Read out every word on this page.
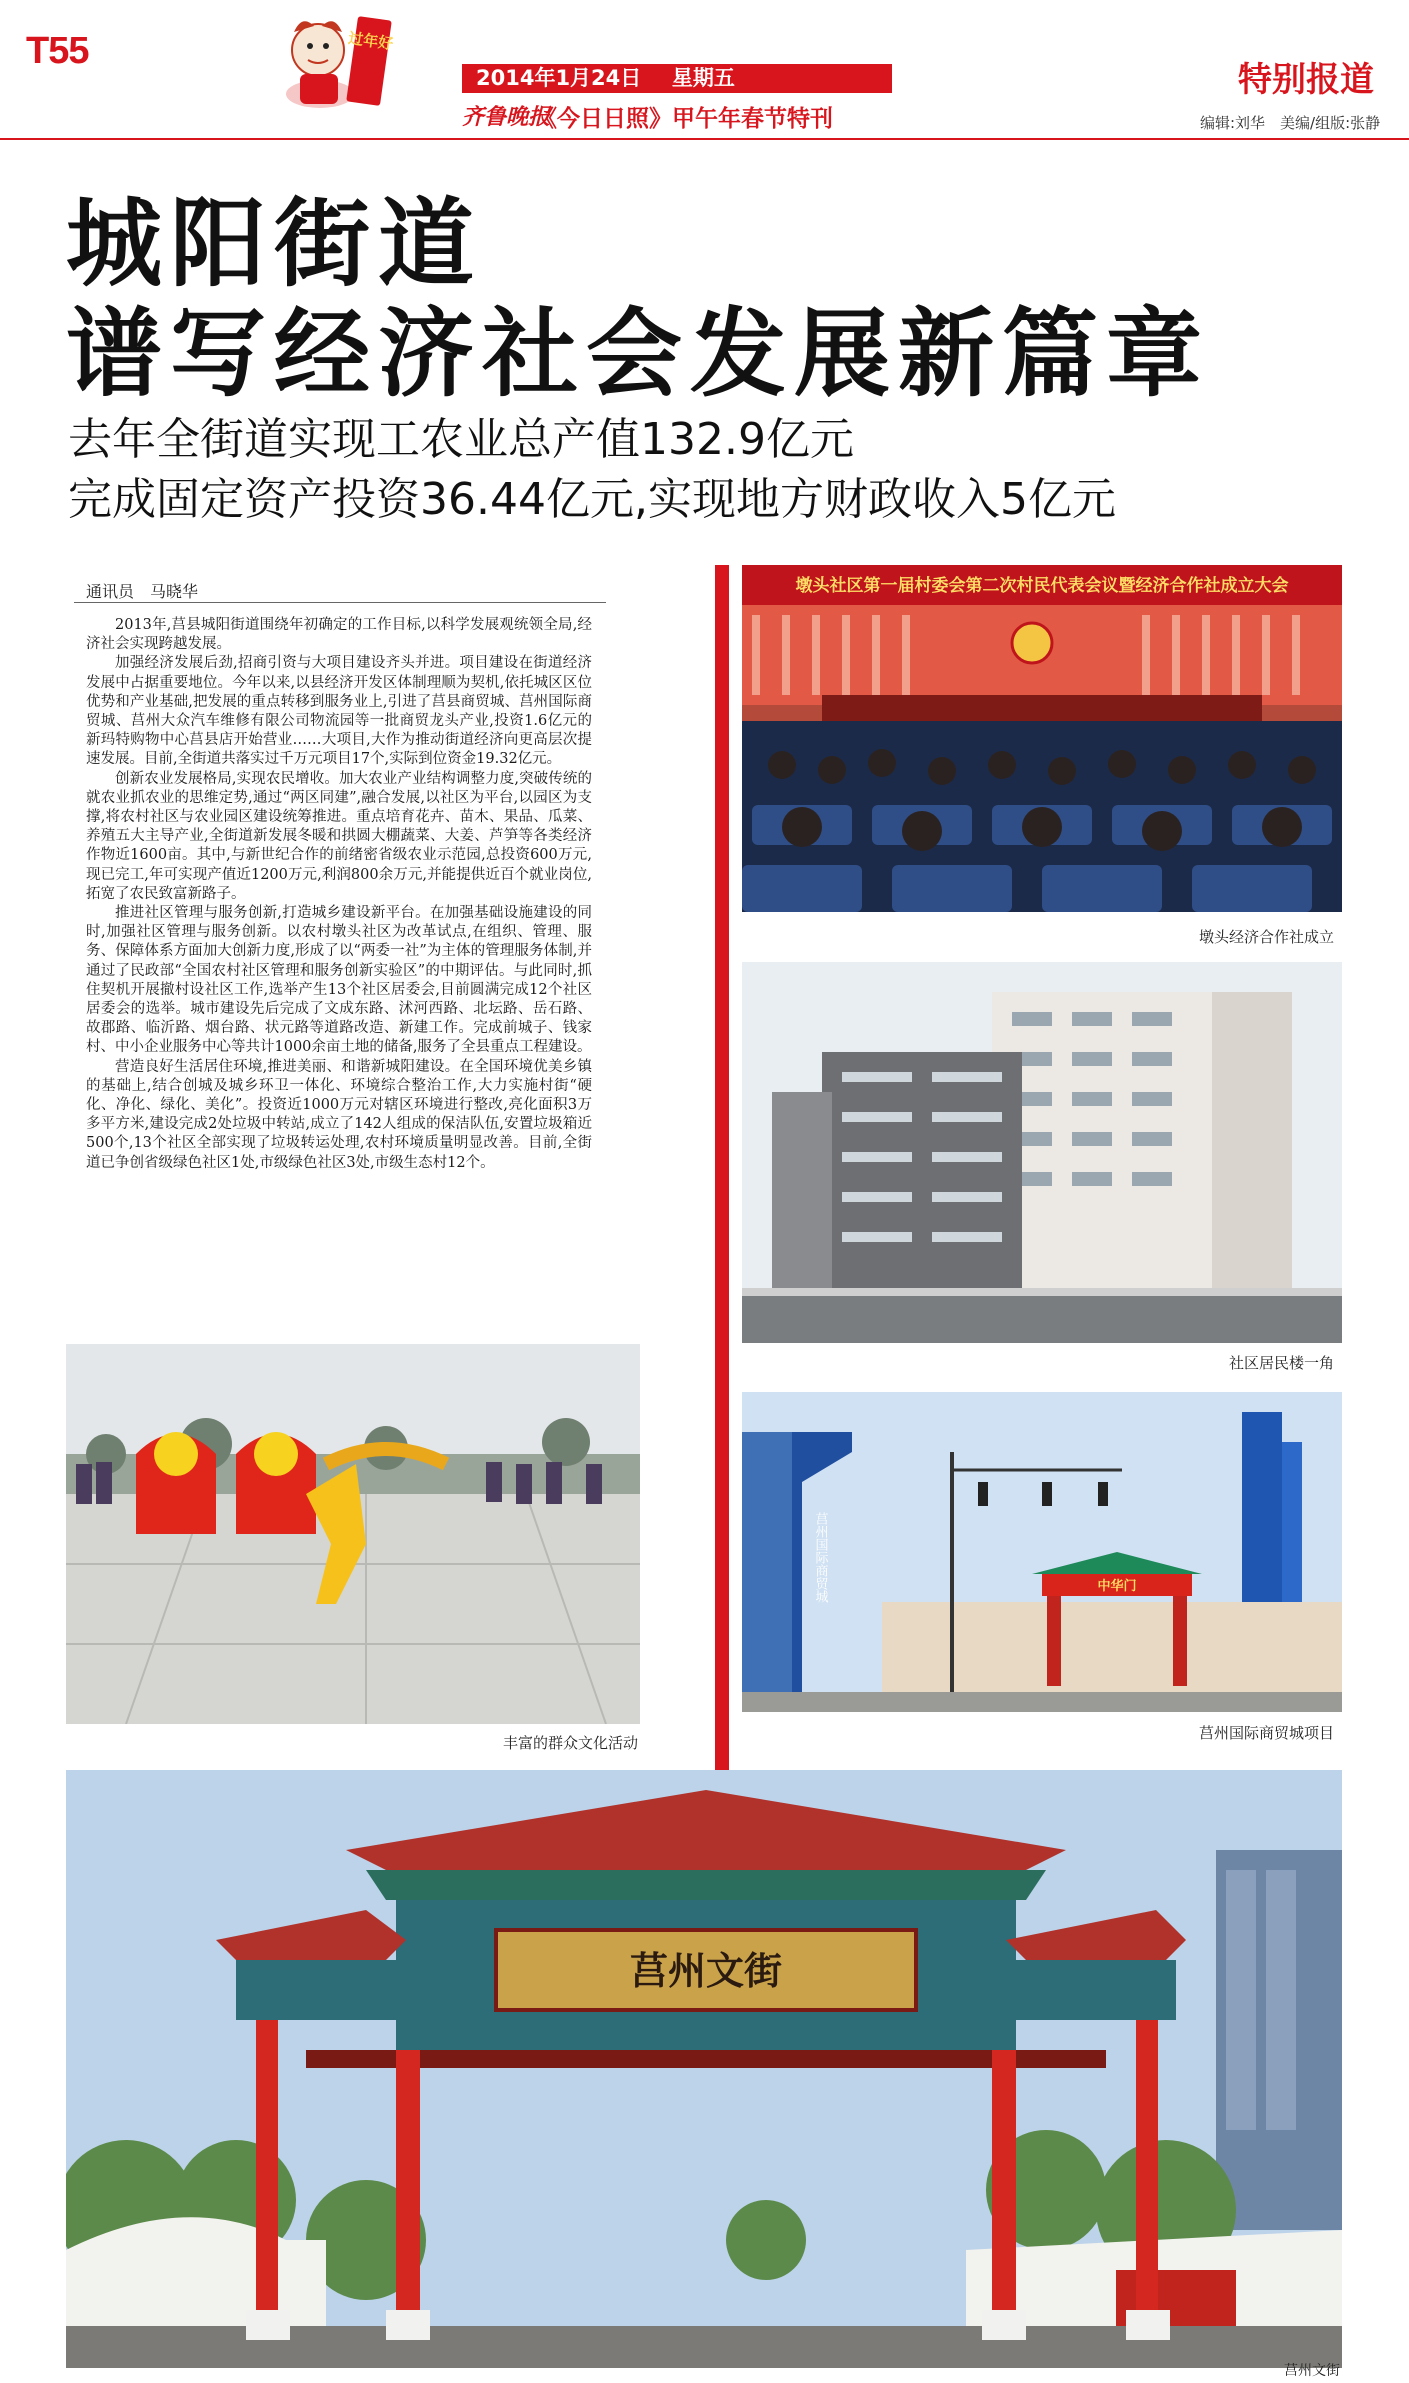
T55	过年好
2014年1月24日 星期五
齐鲁晚报
《今日日照》甲午年春节特刊
特别报道
编辑:刘华　美编/组版:张静
城阳街道
谱写经济社会发展新篇章
去年全街道实现工农业总产值132.9亿元
完成固定资产投资36.44亿元,实现地方财政收入5亿元
通讯员　马晓华

2013年,莒县城阳街道围绕年初确定的工作目标,以科学发展观统领全局,经济社会实现跨越发展。

加强经济发展后劲,招商引资与大项目建设齐头并进。项目建设在街道经济发展中占据重要地位。今年以来,以县经济开发区体制理顺为契机,依托城区区位优势和产业基础,把发展的重点转移到服务业上,引进了莒县商贸城、莒州国际商贸城、莒州大众汽车维修有限公司物流园等一批商贸龙头产业,投资1.6亿元的新玛特购物中心莒县店开始营业……大项目,大作为推动街道经济向更高层次提速发展。目前,全街道共落实过千万元项目17个,实际到位资金19.32亿元。

创新农业发展格局,实现农民增收。加大农业产业结构调整力度,突破传统的就农业抓农业的思维定势,通过“两区同建”,融合发展,以社区为平台,以园区为支撑,将农村社区与农业园区建设统筹推进。重点培育花卉、苗木、果品、瓜菜、养殖五大主导产业,全街道新发展冬暖和拱圆大棚蔬菜、大姜、芦笋等各类经济作物近1600亩。其中,与新世纪合作的前绪密省级农业示范园,总投资600万元,现已完工,年可实现产值近1200万元,利润800余万元,并能提供近百个就业岗位,拓宽了农民致富新路子。

推进社区管理与服务创新,打造城乡建设新平台。在加强基础设施建设的同时,加强社区管理与服务创新。以农村墩头社区为改革试点,在组织、管理、服务、保障体系方面加大创新力度,形成了以“两委一社”为主体的管理服务体制,并通过了民政部“全国农村社区管理和服务创新实验区”的中期评估。与此同时,抓住契机开展撤村设社区工作,选举产生13个社区居委会,目前圆满完成12个社区居委会的选举。城市建设先后完成了文成东路、沭河西路、北坛路、岳石路、故郡路、临沂路、烟台路、状元路等道路改造、新建工作。完成前城子、钱家村、中小企业服务中心等共计1000余亩土地的储备,服务了全县重点工程建设。

营造良好生活居住环境,推进美丽、和谐新城阳建设。在全国环境优美乡镇的基础上,结合创城及城乡环卫一体化、环境综合整治工作,大力实施村街“硬化、净化、绿化、美化”。投资近1000万元对辖区环境进行整改,亮化面积3万多平方米,建设完成2处垃圾中转站,成立了142人组成的保洁队伍,安置垃圾箱近500个,13个社区全部实现了垃圾转运处理,农村环境质量明显改善。目前,全街道已争创省级绿色社区1处,市级绿色社区3处,市级生态村12个。

墩头社区第一届村委会第二次村民代表会议暨经济合作社成立大会
墩头经济合作社成立
社区居民楼一角
丰富的群众文化活动
莒州国际商贸城	中华门
莒州国际商贸城项目
莒州文街
莒州文街
